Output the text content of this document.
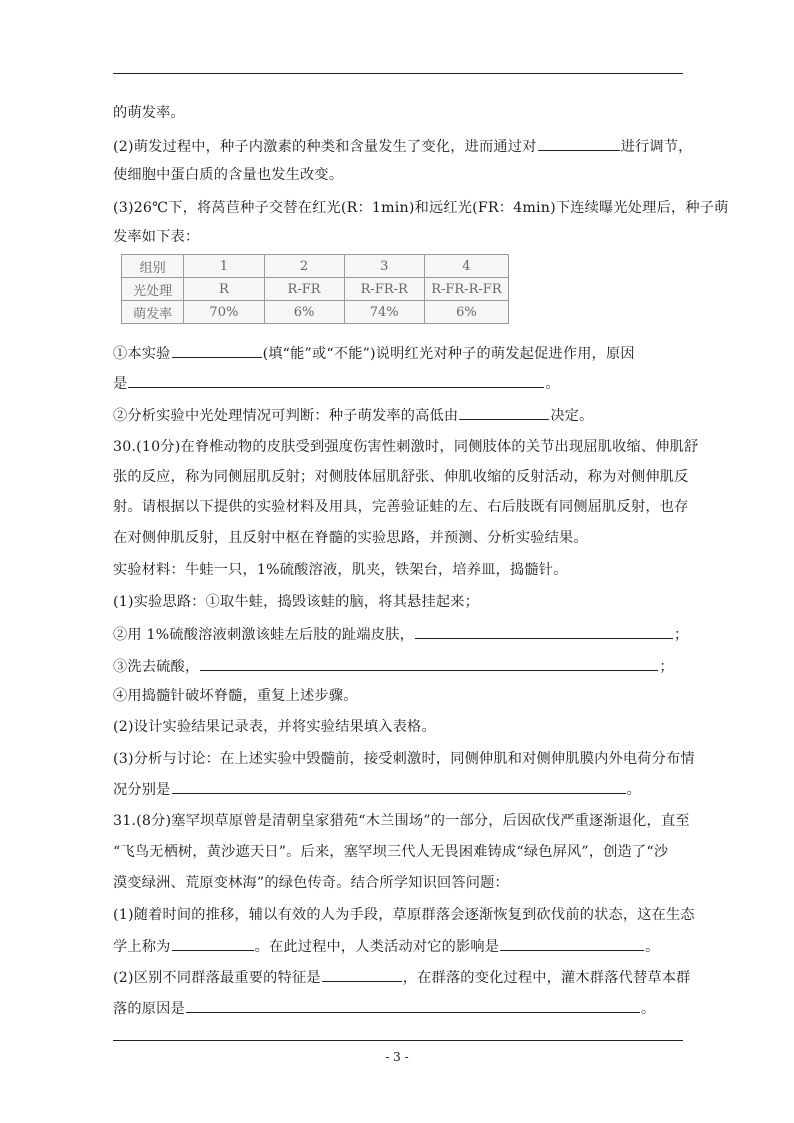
的萌发率。
(2)萌发过程中，种子内激素的种类和含量发生了变化，进而通过对	进行调节，
使细胞中蛋白质的含量也发生改变。
(3)26℃下，将莴苣种子交替在红光(R：1min)和远红光(FR：4min)下连续曝光处理后，种子萌
发率如下表：
组别	1	2	3	4
光处理	R	R-FR	R-FR-R	R-FR-R-FR
萌发率	70%	6%	74%	6%
①本实验	(填“能”或“不能”)说明红光对种子的萌发起促进作用，原因
是	。
②分析实验中光处理情况可判断：种子萌发率的高低由	决定。
30.(10分)在脊椎动物的皮肤受到强度伤害性刺激时，同侧肢体的关节出现屈肌收缩、伸肌舒
张的反应，称为同侧屈肌反射；对侧肢体屈肌舒张、伸肌收缩的反射活动，称为对侧伸肌反
射。请根据以下提供的实验材料及用具，完善验证蛙的左、右后肢既有同侧屈肌反射，也存
在对侧伸肌反射，且反射中枢在脊髓的实验思路，并预测、分析实验结果。
实验材料：牛蛙一只，1%硫酸溶液，肌夹，铁架台，培养皿，捣髓针。
(1)实验思路：①取牛蛙，捣毁该蛙的脑，将其悬挂起来；
②用 1%硫酸溶液刺激该蛙左后肢的趾端皮肤，	；
③洗去硫酸，	；
④用捣髓针破坏脊髓，重复上述步骤。
(2)设计实验结果记录表，并将实验结果填入表格。
(3)分析与讨论：在上述实验中毁髓前，接受刺激时，同侧伸肌和对侧伸肌膜内外电荷分布情
况分别是	。
31.(8分)塞罕坝草原曾是清朝皇家猎苑“木兰围场”的一部分，后因砍伐严重逐渐退化，直至
“飞鸟无栖树，黄沙遮天日”。后来，塞罕坝三代人无畏困难铸成“绿色屏风”，创造了“沙
漠变绿洲、荒原变林海”的绿色传奇。结合所学知识回答问题：
(1)随着时间的推移，辅以有效的人为手段，草原群落会逐渐恢复到砍伐前的状态，这在生态
学上称为	。在此过程中，人类活动对它的影响是	。
(2)区别不同群落最重要的特征是	，在群落的变化过程中，灌木群落代替草本群
落的原因是	。
- 3 -
